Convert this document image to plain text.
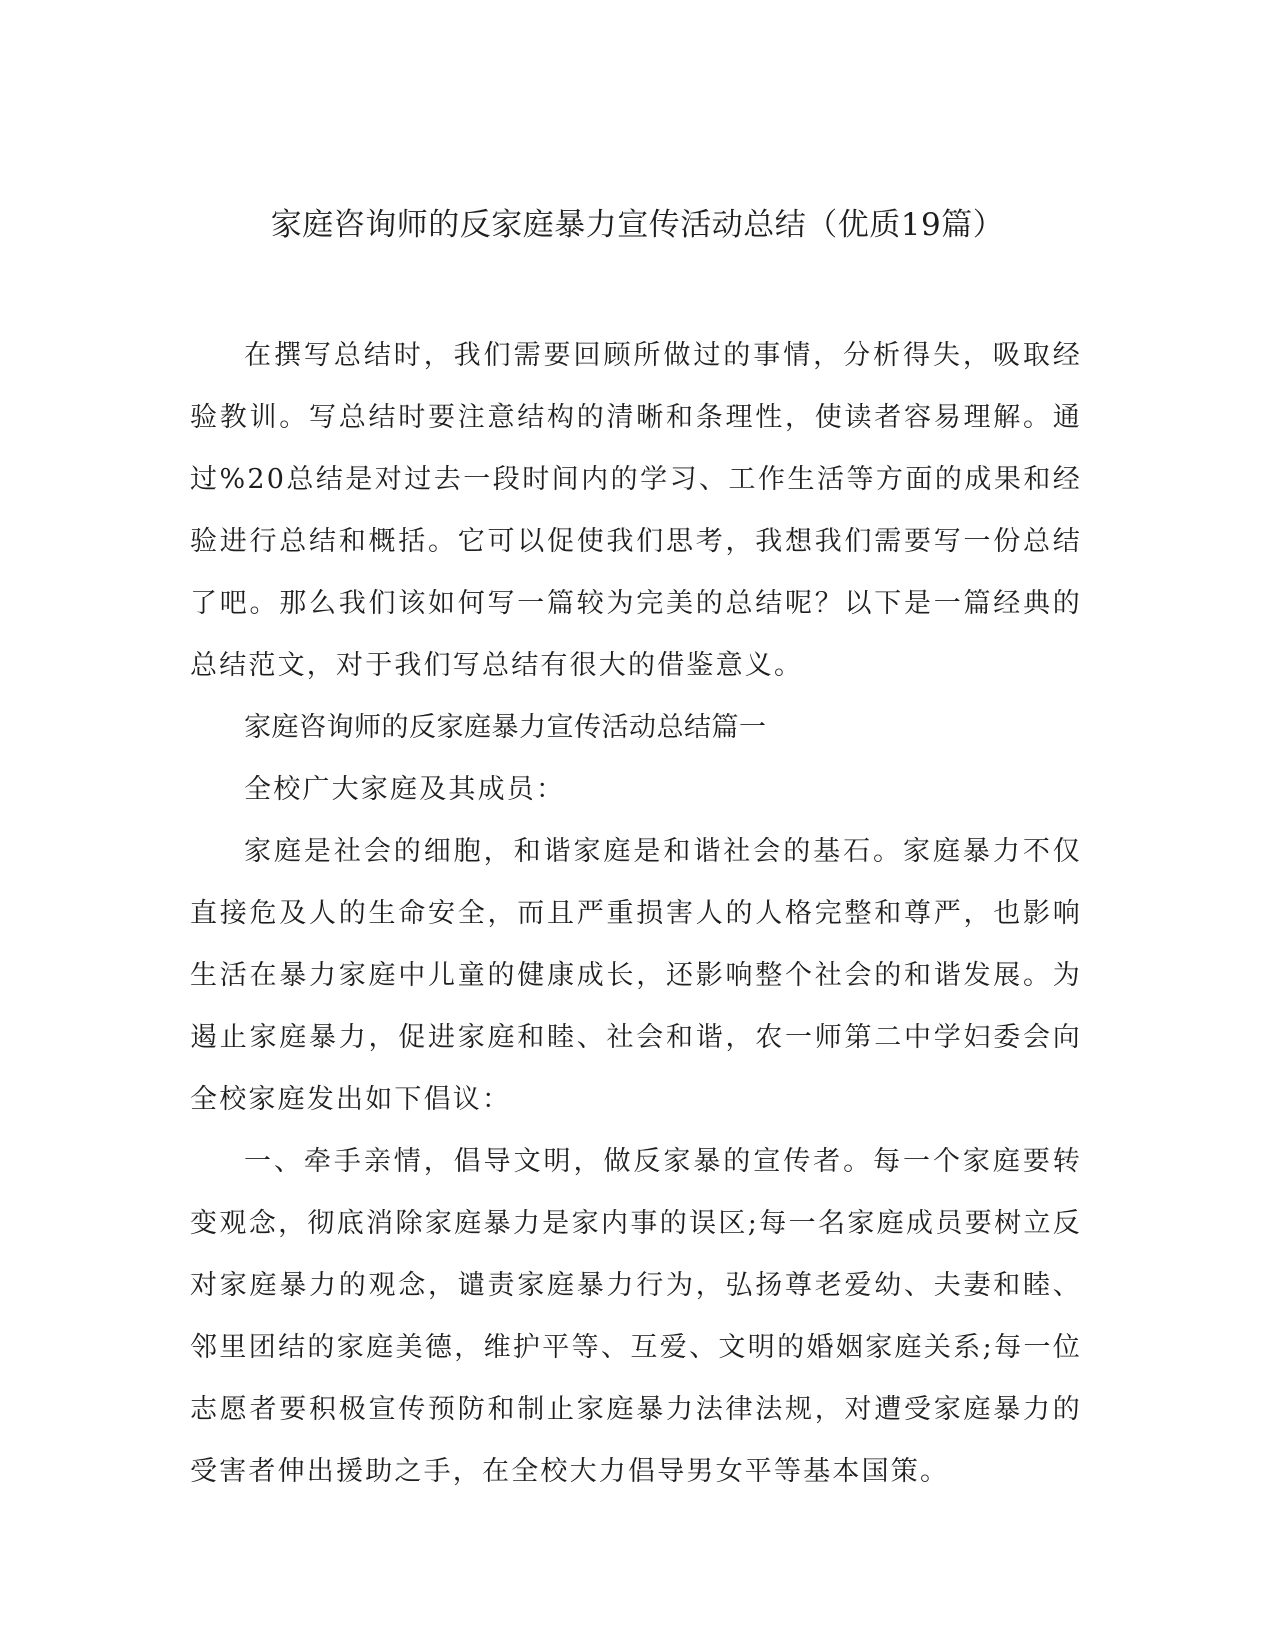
家庭咨询师的反家庭暴力宣传活动总结（优质19篇）

在撰写总结时，我们需要回顾所做过的事情，分析得失，吸取经验教训。写总结时要注意结构的清晰和条理性，使读者容易理解。通过%20总结是对过去一段时间内的学习、工作生活等方面的成果和经验进行总结和概括。它可以促使我们思考，我想我们需要写一份总结了吧。那么我们该如何写一篇较为完美的总结呢？以下是一篇经典的总结范文，对于我们写总结有很大的借鉴意义。

家庭咨询师的反家庭暴力宣传活动总结篇一

全校广大家庭及其成员：

家庭是社会的细胞，和谐家庭是和谐社会的基石。家庭暴力不仅直接危及人的生命安全，而且严重损害人的人格完整和尊严，也影响生活在暴力家庭中儿童的健康成长，还影响整个社会的和谐发展。为遏止家庭暴力，促进家庭和睦、社会和谐，农一师第二中学妇委会向全校家庭发出如下倡议：

一、牵手亲情，倡导文明，做反家暴的宣传者。每一个家庭要转变观念，彻底消除家庭暴力是家内事的误区;每一名家庭成员要树立反对家庭暴力的观念，谴责家庭暴力行为，弘扬尊老爱幼、夫妻和睦、邻里团结的家庭美德，维护平等、互爱、文明的婚姻家庭关系;每一位志愿者要积极宣传预防和制止家庭暴力法律法规，对遭受家庭暴力的受害者伸出援助之手，在全校大力倡导男女平等基本国策。
